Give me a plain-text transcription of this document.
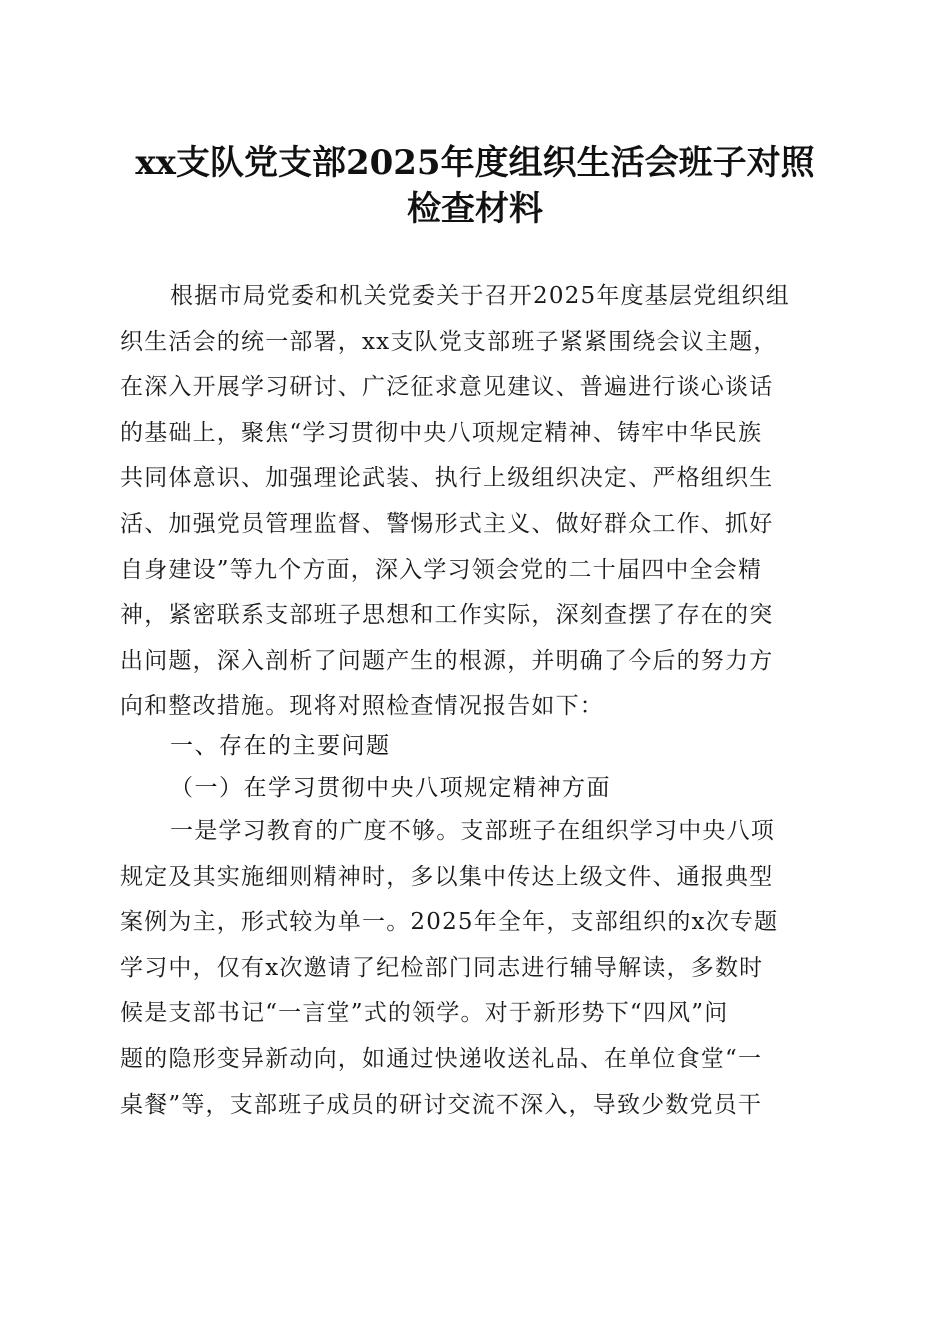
xx支队党支部2025年度组织生活会班子对照
检查材料
根据市局党委和机关党委关于召开2025年度基层党组织组
织生活会的统一部署，xx支队党支部班子紧紧围绕会议主题，
在深入开展学习研讨、广泛征求意见建议、普遍进行谈心谈话
的基础上，聚焦“学习贯彻中央八项规定精神、铸牢中华民族
共同体意识、加强理论武装、执行上级组织决定、严格组织生
活、加强党员管理监督、警惕形式主义、做好群众工作、抓好
自身建设”等九个方面，深入学习领会党的二十届四中全会精
神，紧密联系支部班子思想和工作实际，深刻查摆了存在的突
出问题，深入剖析了问题产生的根源，并明确了今后的努力方
向和整改措施。现将对照检查情况报告如下：
一、存在的主要问题
（一）在学习贯彻中央八项规定精神方面
一是学习教育的广度不够。支部班子在组织学习中央八项
规定及其实施细则精神时，多以集中传达上级文件、通报典型
案例为主，形式较为单一。2025年全年，支部组织的x次专题
学习中，仅有x次邀请了纪检部门同志进行辅导解读，多数时
候是支部书记“一言堂”式的领学。对于新形势下“四风”问
题的隐形变异新动向，如通过快递收送礼品、在单位食堂“一
桌餐”等，支部班子成员的研讨交流不深入，导致少数党员干
